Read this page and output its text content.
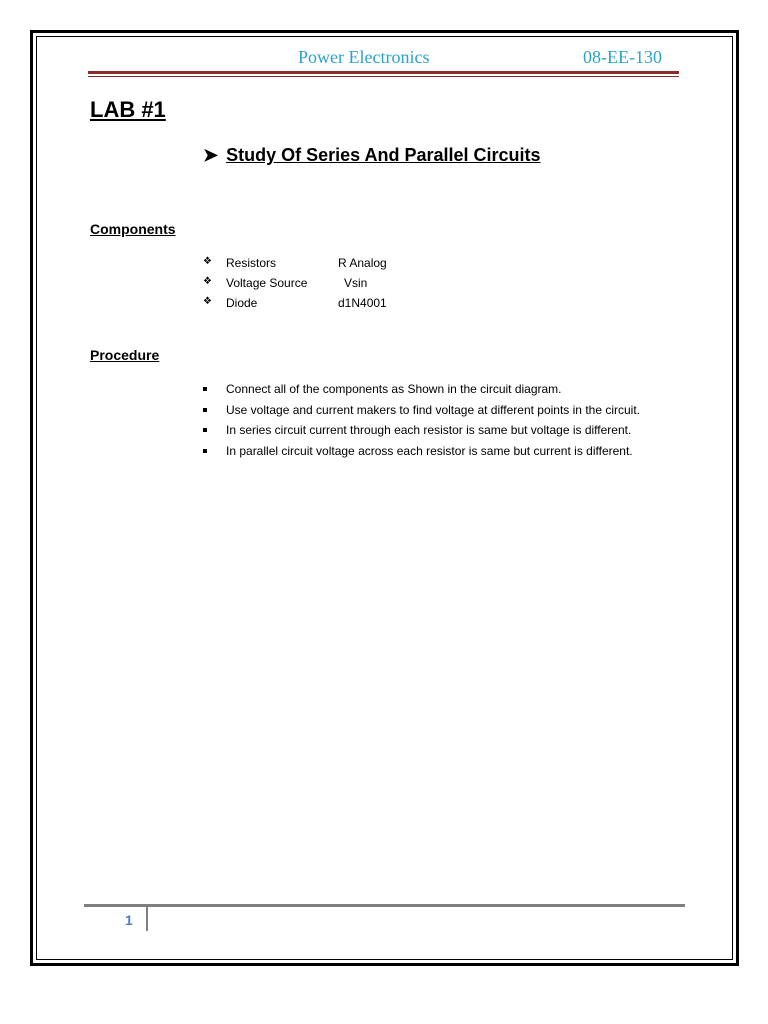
Power Electronics	08-EE-130
LAB #1
➤ Study Of Series And Parallel Circuits
Components
❖ Resistors	R Analog
❖ Voltage Source	Vsin
❖ Diode	d1N4001
Procedure
Connect all of the components as Shown in the circuit diagram.
Use voltage and current makers to find voltage at different points in the circuit.
In series circuit current through each resistor is same but voltage is different.
In parallel circuit voltage across each resistor is same but current is different.
1
